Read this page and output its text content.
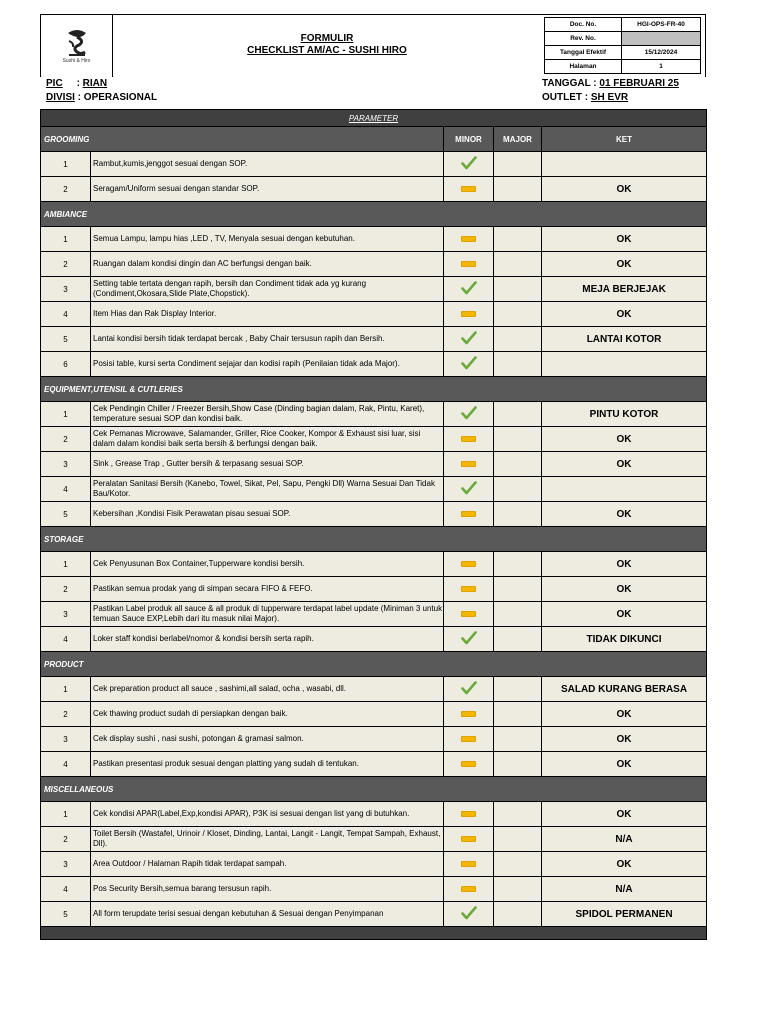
Sushi & Hiro
FORMULIR
CHECKLIST AM/AC - SUSHI HIRO
Doc. No.	HGI-OPS-FR-40
Rev. No.	
Tanggal Efektif	15/12/2024
Halaman	1
PIC     : RIAN
DIVISI : OPERASIONAL
TANGGAL : 01 FEBRUARI 25
OUTLET : SH EVR
PARAMETER				
GROOMING		MINOR	MAJOR	KET
1	Rambut,kumis,jenggot sesuai dengan SOP.			
2	Seragam/Uniform sesuai dengan standar SOP.			OK
AMBIANCE				
1	Semua Lampu, lampu hias ,LED , TV, Menyala sesuai dengan kebutuhan.			OK
2	Ruangan dalam kondisi dingin dan AC berfungsi dengan baik.			OK
3	Setting table tertata dengan rapih, bersih dan Condiment tidak ada yg kurang (Condiment,Okosara,Slide Plate,Chopstick).			MEJA BERJEJAK
4	Item Hias dan Rak Display Interior.			OK
5	Lantai kondisi bersih tidak terdapat bercak , Baby Chair tersusun rapih dan Bersih.			LANTAI KOTOR
6	Posisi table, kursi serta Condiment sejajar dan kodisi rapih (Penilaian tidak ada Major).			
EQUIPMENT,UTENSIL & CUTLERIES				
1	Cek Pendingin Chiller / Freezer Bersih,Show Case (Dinding bagian dalam, Rak, Pintu, Karet), temperature sesuai SOP dan kondisi baik.			PINTU KOTOR
2	Cek Pemanas Microwave, Salamander, Griller, Rice Cooker, Kompor & Exhaust sisi luar, sisi dalam dalam kondisi baik serta bersih & berfungsi dengan baik.			OK
3	Sink , Grease Trap , Gutter bersih & terpasang sesuai SOP.			OK
4	Peralatan Sanitasi Bersih (Kanebo, Towel, Sikat, Pel, Sapu, Pengki Dll) Warna Sesuai Dan Tidak Bau/Kotor.			
5	Kebersihan ,Kondisi Fisik Perawatan pisau sesuai SOP.			OK
STORAGE				
1	Cek Penyusunan Box Container,Tupperware kondisi bersih.			OK
2	Pastikan semua prodak yang di simpan secara FIFO & FEFO.			OK
3	Pastikan Label produk all sauce & all produk di tupperware terdapat label update (Miniman 3 untuk temuan Sauce EXP,Lebih dari itu masuk nilai Major).			OK
4	Loker staff kondisi berlabel/nomor & kondisi bersih serta rapih.			TIDAK DIKUNCI
PRODUCT				
1	Cek preparation product all sauce , sashimi,all salad, ocha , wasabi, dll.			SALAD KURANG BERASA
2	Cek thawing product sudah di persiapkan dengan baik.			OK
3	Cek display sushi , nasi sushi, potongan & gramasi salmon.			OK
4	Pastikan presentasi produk sesuai dengan platting yang sudah di tentukan.			OK
MISCELLANEOUS				
1	Cek kondisi APAR(Label,Exp,kondisi APAR), P3K isi sesuai dengan list yang di butuhkan.			OK
2	Toilet Bersih (Wastafel, Urinoir / Kloset, Dinding, Lantai, Langit - Langit, Tempat Sampah, Exhaust, Dll).			N/A
3	Area Outdoor / Halaman Rapih tidak terdapat sampah.			OK
4	Pos Security Bersih,semua barang tersusun rapih.			N/A
5	All form terupdate terisi sesuai dengan kebutuhan & Sesuai dengan Penyimpanan			SPIDOL PERMANEN
